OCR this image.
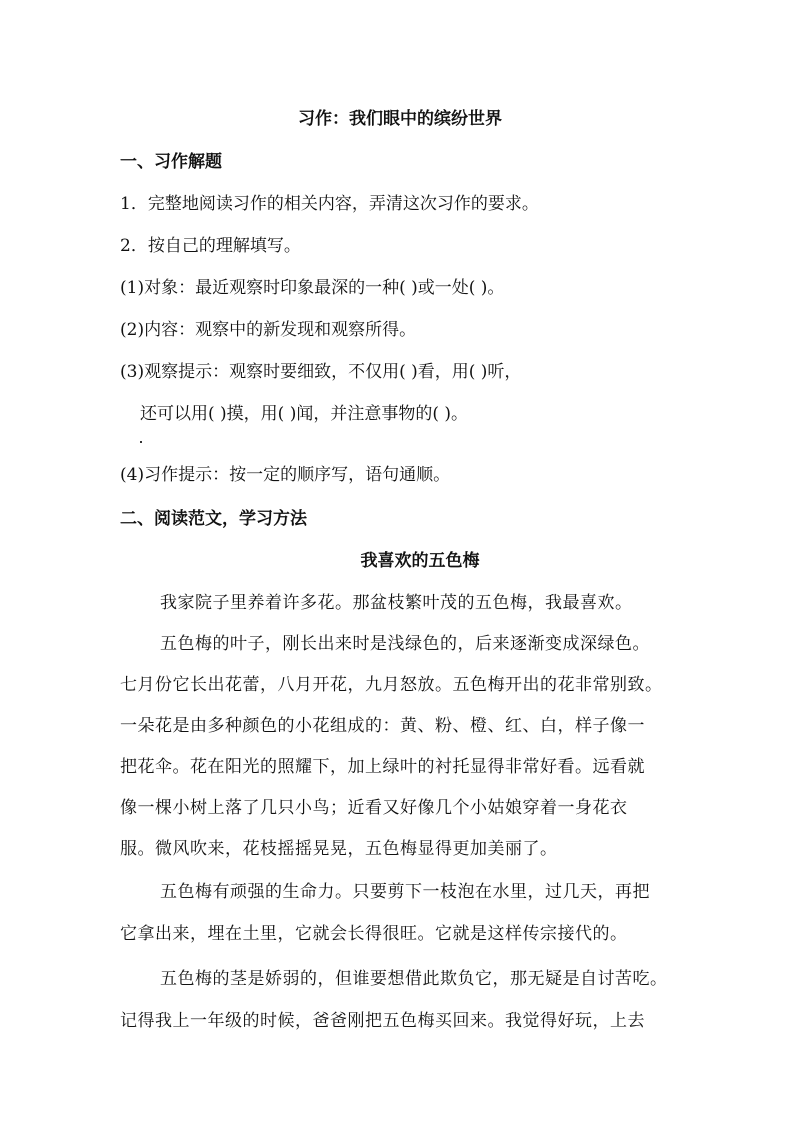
习作：我们眼中的缤纷世界
一、习作解题
1．完整地阅读习作的相关内容，弄清这次习作的要求。
2．按自己的理解填写。
(1)对象：最近观察时印象最深的一种( )或一处( )。
(2)内容：观察中的新发现和观察所得。
(3)观察提示：观察时要细致，不仅用( )看，用( )听，
还可以用( )摸，用( )闻，并注意事物的( )。
(4)习作提示：按一定的顺序写，语句通顺。
二、阅读范文，学习方法
我喜欢的五色梅
我家院子里养着许多花。那盆枝繁叶茂的五色梅，我最喜欢。
五色梅的叶子，刚长出来时是浅绿色的，后来逐渐变成深绿色。
七月份它长出花蕾，八月开花，九月怒放。五色梅开出的花非常别致。
一朵花是由多种颜色的小花组成的：黄、粉、橙、红、白，样子像一
把花伞。花在阳光的照耀下，加上绿叶的衬托显得非常好看。远看就
像一棵小树上落了几只小鸟；近看又好像几个小姑娘穿着一身花衣
服。微风吹来，花枝摇摇晃晃，五色梅显得更加美丽了。
五色梅有顽强的生命力。只要剪下一枝泡在水里，过几天，再把
它拿出来，埋在土里，它就会长得很旺。它就是这样传宗接代的。
五色梅的茎是娇弱的，但谁要想借此欺负它，那无疑是自讨苦吃。
记得我上一年级的时候，爸爸刚把五色梅买回来。我觉得好玩，上去
